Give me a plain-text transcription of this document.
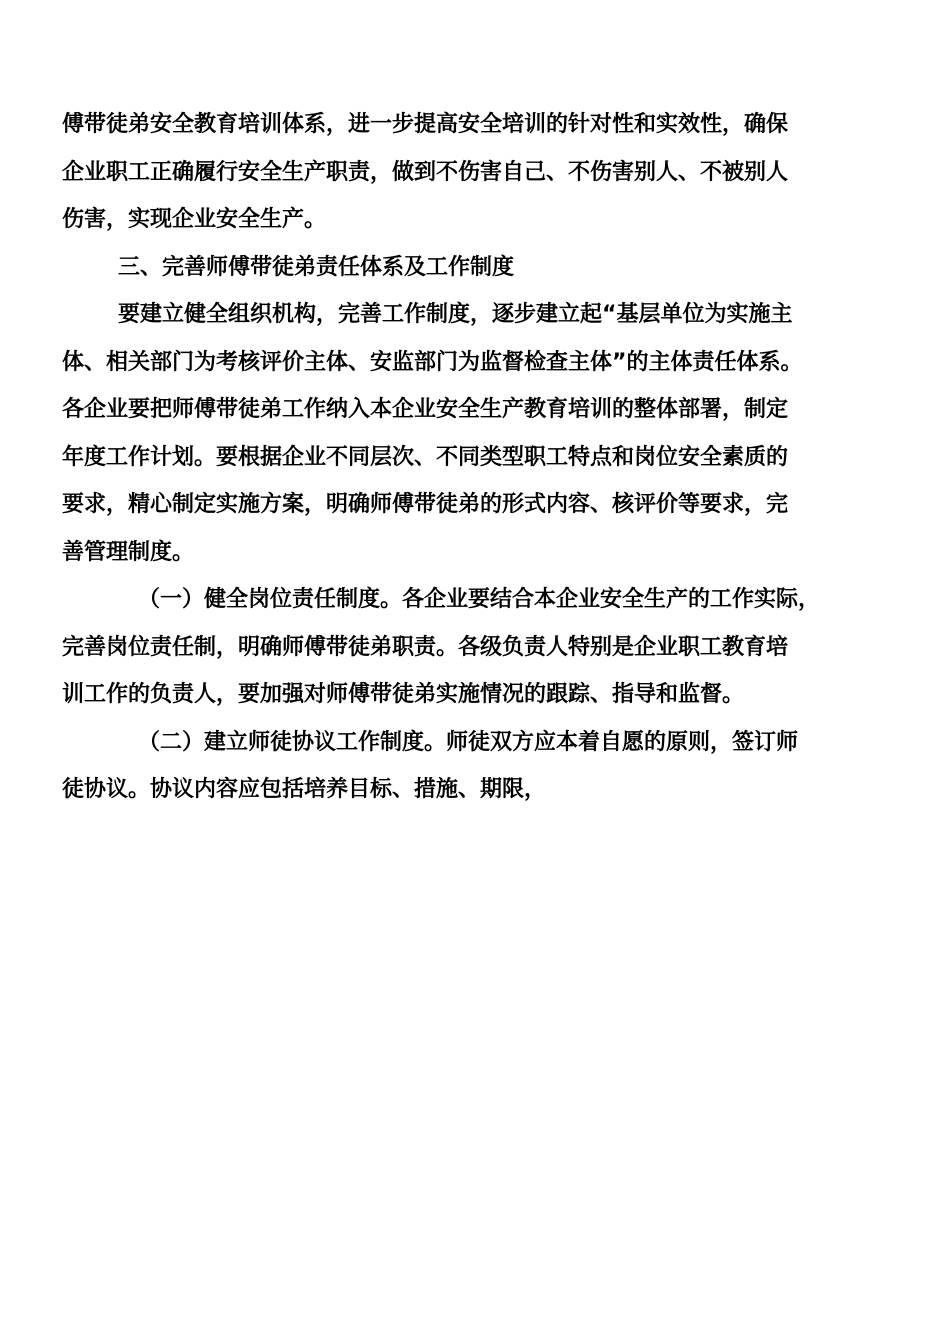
傅带徒弟安全教育培训体系，进一步提高安全培训的针对性和实效性，确保
企业职工正确履行安全生产职责，做到不伤害自己、不伤害别人、不被别人
伤害，实现企业安全生产。
三、完善师傅带徒弟责任体系及工作制度
要建立健全组织机构，完善工作制度，逐步建立起“基层单位为实施主
体、相关部门为考核评价主体、安监部门为监督检查主体”的主体责任体系。
各企业要把师傅带徒弟工作纳入本企业安全生产教育培训的整体部署，制定
年度工作计划。要根据企业不同层次、不同类型职工特点和岗位安全素质的
要求，精心制定实施方案，明确师傅带徒弟的形式内容、核评价等要求，完
善管理制度。
（一）健全岗位责任制度。各企业要结合本企业安全生产的工作实际，
完善岗位责任制，明确师傅带徒弟职责。各级负责人特别是企业职工教育培
训工作的负责人，要加强对师傅带徒弟实施情况的跟踪、指导和监督。
（二）建立师徒协议工作制度。师徒双方应本着自愿的原则，签订师
徒协议。协议内容应包括培养目标、措施、期限，
